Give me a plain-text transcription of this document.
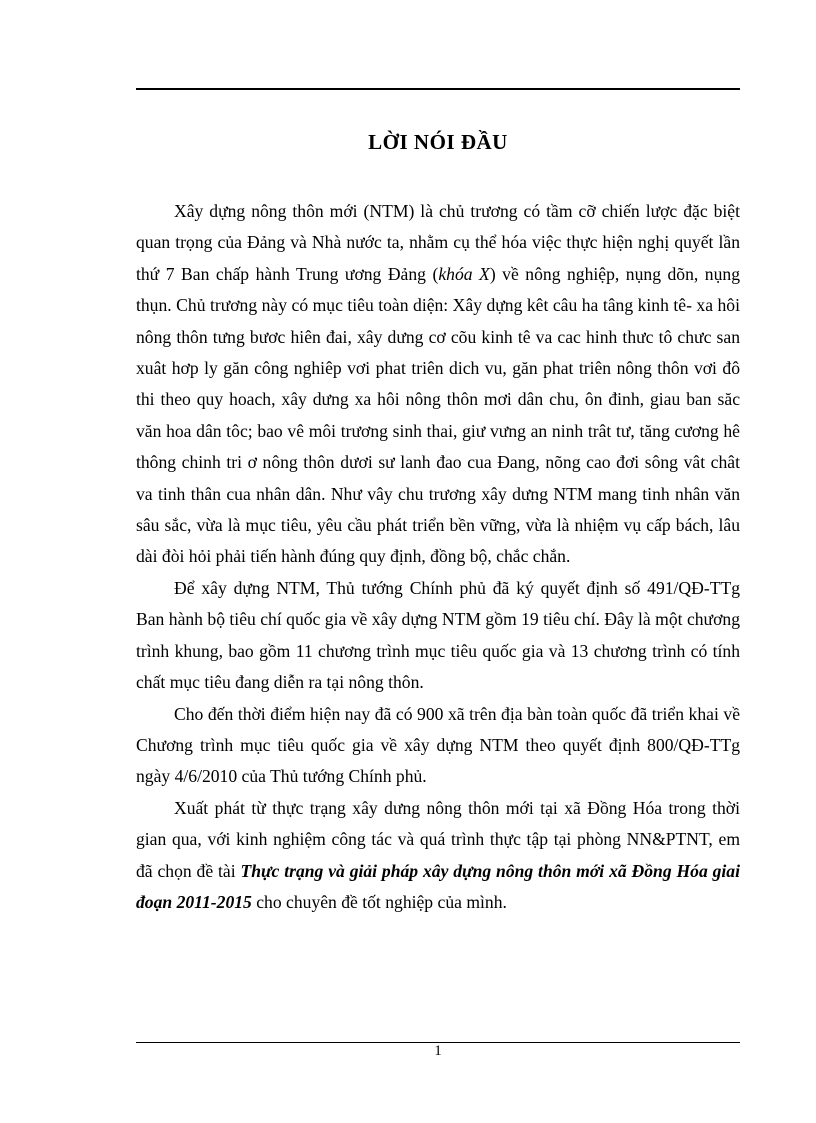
LỜI NÓI ĐẦU

Xây dựng nông thôn mới (NTM) là chủ trương có tầm cỡ chiến lược đặc biệt quan trọng của Đảng và Nhà nước ta, nhằm cụ thể hóa việc thực hiện nghị quyết lần thứ 7 Ban chấp hành Trung ương Đảng (khóa X) về nông nghiệp, nụng dõn, nụng thụn. Chủ trương này có mục tiêu toàn diện: Xây dựng kêt câu ha tâng kinh tê- xa hôi nông thôn tưng bươc hiên đai, xây dưng cơ cõu kinh tê va cac hinh thưc tô chưc san xuât hơp ly găn công nghiêp vơi phat triên dich vu, găn phat triên nông thôn vơi đô thi theo quy hoach, xây dưng xa hôi nông thôn mơi dân chu, ôn đinh, giau ban săc văn hoa dân tôc; bao vê môi trương sinh thai, giư vưng an ninh trât tư, tăng cương hê thông chinh tri ơ nông thôn dươi sư lanh đao cua Đang, nõng cao đơi sông vât chât va tinh thân cua nhân dân. Như vây chu trương xây dưng NTM mang tinh nhân văn sâu sắc, vừa là mục tiêu, yêu cầu phát triển bền vững, vừa là nhiệm vụ cấp bách, lâu dài đòi hỏi phải tiến hành đúng quy định, đồng bộ, chắc chắn.

Để xây dựng NTM, Thủ tướng Chính phủ đã ký quyết định số 491/QĐ-TTg Ban hành bộ tiêu chí quốc gia về xây dựng NTM gồm 19 tiêu chí. Đây là một chương trình khung, bao gồm 11 chương trình mục tiêu quốc gia và 13 chương trình có tính chất mục tiêu đang diễn ra tại nông thôn.

Cho đến thời điểm hiện nay đã có 900 xã trên địa bàn toàn quốc đã triển khai về Chương trình mục tiêu quốc gia về xây dựng NTM theo quyết định 800/QĐ-TTg ngày 4/6/2010 của Thủ tướng Chính phủ.

Xuất phát từ thực trạng xây dưng nông thôn mới tại xã Đồng Hóa trong thời gian qua, với kinh nghiệm công tác và quá trình thực tập tại phòng NN&PTNT, em đã chọn đề tài Thực trạng và giải pháp xây dựng nông thôn mới xã Đồng Hóa giai đoạn 2011-2015 cho chuyên đề tốt nghiệp của mình.

1
